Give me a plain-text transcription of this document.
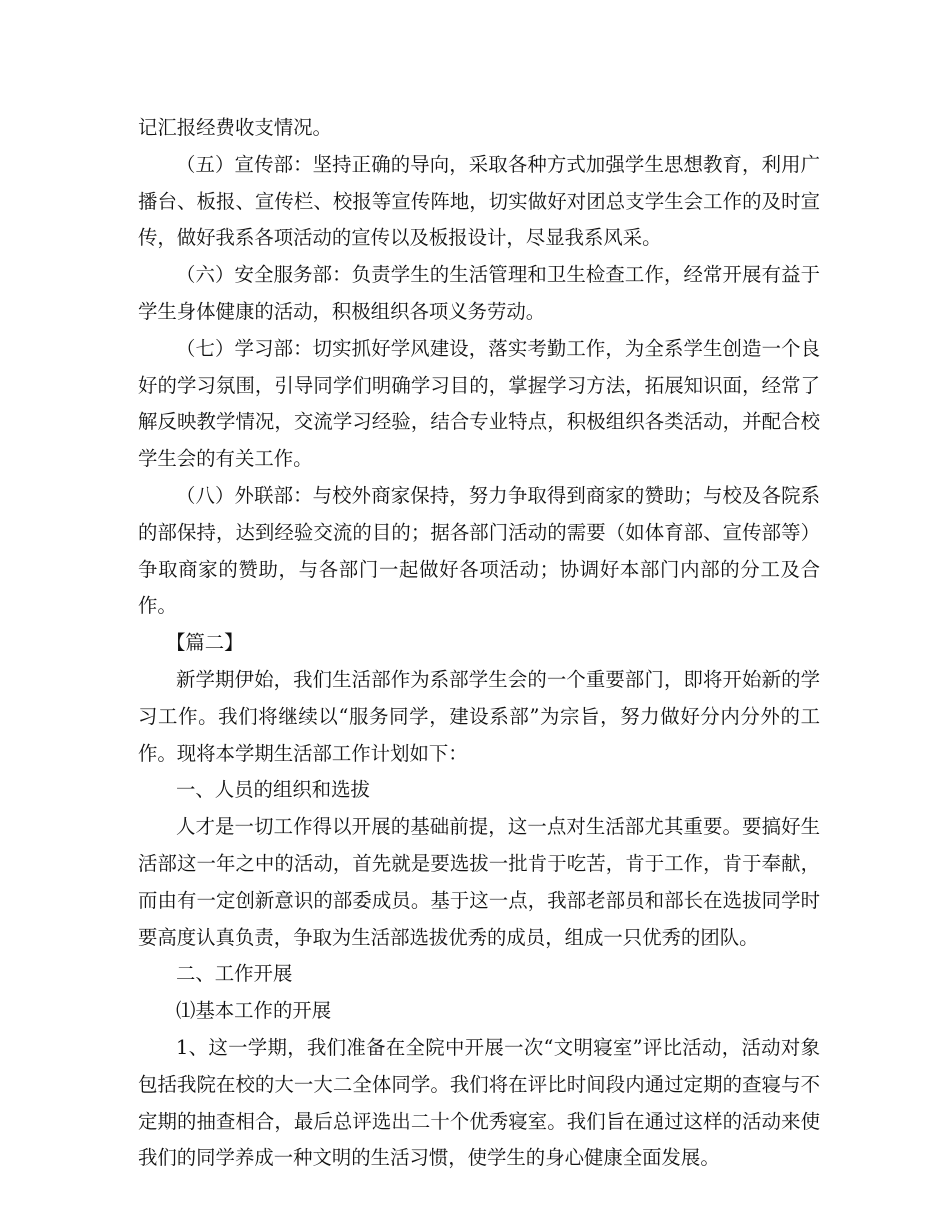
记汇报经费收支情况。

（五）宣传部：坚持正确的导向，采取各种方式加强学生思想教育，利用广播台、板报、宣传栏、校报等宣传阵地，切实做好对团总支学生会工作的及时宣传，做好我系各项活动的宣传以及板报设计，尽显我系风采。

（六）安全服务部：负责学生的生活管理和卫生检查工作，经常开展有益于学生身体健康的活动，积极组织各项义务劳动。

（七）学习部：切实抓好学风建设，落实考勤工作，为全系学生创造一个良好的学习氛围，引导同学们明确学习目的，掌握学习方法，拓展知识面，经常了解反映教学情况，交流学习经验，结合专业特点，积极组织各类活动，并配合校学生会的有关工作。

（八）外联部：与校外商家保持，努力争取得到商家的赞助；与校及各院系的部保持，达到经验交流的目的；据各部门活动的需要（如体育部、宣传部等）争取商家的赞助，与各部门一起做好各项活动；协调好本部门内部的分工及合作。

【篇二】

新学期伊始，我们生活部作为系部学生会的一个重要部门，即将开始新的学习工作。我们将继续以“服务同学，建设系部”为宗旨，努力做好分内分外的工作。现将本学期生活部工作计划如下：

一、人员的组织和选拔

人才是一切工作得以开展的基础前提，这一点对生活部尤其重要。要搞好生活部这一年之中的活动，首先就是要选拔一批肯于吃苦，肯于工作，肯于奉献，而由有一定创新意识的部委成员。基于这一点，我部老部员和部长在选拔同学时要高度认真负责，争取为生活部选拔优秀的成员，组成一只优秀的团队。

二、工作开展

⑴基本工作的开展

1、这一学期，我们准备在全院中开展一次“文明寝室”评比活动，活动对象包括我院在校的大一大二全体同学。我们将在评比时间段内通过定期的查寝与不定期的抽查相合，最后总评选出二十个优秀寝室。我们旨在通过这样的活动来使我们的同学养成一种文明的生活习惯，使学生的身心健康全面发展。
